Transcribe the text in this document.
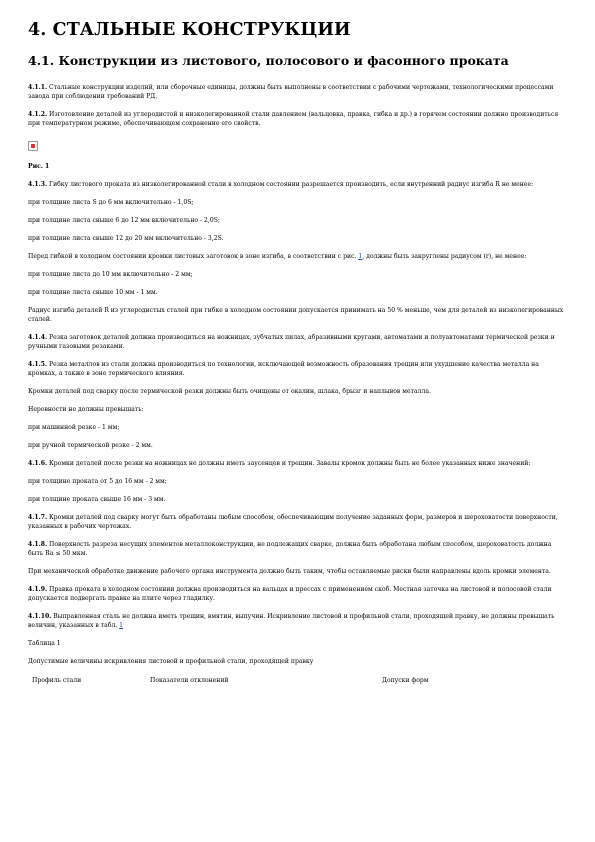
4. СТАЛЬНЫЕ КОНСТРУКЦИИ
4.1. Конструкции из листового, полосового и фасонного проката

4.1.1. Стальные конструкции изделий, или сборочные единицы, должны быть выполнены в соответствии с рабочими чертежами, технологическими процессами завода при соблюдении требований РД.

4.1.2. Изготовление деталей из углеродистой и низколегированной стали давлением (вальцовка, правка, гибка и др.) в горячем состоянии должно производиться при температурном режиме, обеспечивающем сохранение его свойств.

Рис. 1

4.1.3. Гибку листового проката из низколегированной стали в холодном состоянии разрешается производить, если внутренний радиус изгиба R не менее:

при толщине листа S до 6 мм включительно - 1,0S;

при толщине листа свыше 6 до 12 мм включительно - 2,0S;

при толщине листа свыше 12 до 20 мм включительно - 3,2S.

Перед гибкой в холодном состоянии кромки листовых заготовок в зоне изгиба, в соответствии с рис. 1, должны быть закруглены радиусом (r), не менее:

при толщине листа до 10 мм включительно - 2 мм;

при толщине листа свыше 10 мм - 1 мм.

Радиус изгиба деталей R из углеродистых сталей при гибке в холодном состоянии допускается принимать на 50 % меньше, чем для деталей из низколегированных сталей.

4.1.4. Резка заготовок деталей должна производиться на ножницах, зубчатых пилах, абразивными кругами, автоматами и полуавтоматами термической резки и ручными газовыми резаками.

4.1.5. Резка металлов из стали должна производиться по технологии, исключающей возможность образования трещин или ухудшение качества металла на кромках, а также в зоне термического влияния.

Кромки деталей под сварку после термической резки должны быть очищены от окалин, шлака, брызг и наплывов металла.

Неровности не должны превышать:

при машинной резке - 1 мм;

при ручной термической резке - 2 мм.

4.1.6. Кромки деталей после резки на ножницах не должны иметь заусенцев и трещин. Завалы кромок должны быть не более указанных ниже значений:

при толщине проката от 5 до 16 мм - 2 мм;

при толщине проката свыше 16 мм - 3 мм.

4.1.7. Кромки деталей под сварку могут быть обработаны любым способом, обеспечивающим получение заданных форм, размеров и шероховатости поверхности, указанных в рабочих чертежах.

4.1.8. Поверхность разреза несущих элементов металлоконструкции, не подлежащих сварке, должна быть обработана любым способом, шероховатость должна быть Ra ≤ 50 мкм.

При механической обработке движение рабочего органа инструмента должно быть таким, чтобы оставляемые риски были направлены вдоль кромки элемента.

4.1.9. Правка проката в холодном состоянии должна производиться на вальцах и прессах с применением скоб. Местная заточка на листовой и полосовой стали допускается подвергать правке на плите через гладилку.

4.1.10. Выправленная сталь не должна иметь трещин, вмятин, выпучин. Искривление листовой и профильной стали, проходящей правку, не должны превышать величин, указанных в табл. 1

Таблица 1

Допустимые величины искривления листовой и профильной стали, проходящей правку

Профиль стали	Показатели отклонений	Допуски форм
